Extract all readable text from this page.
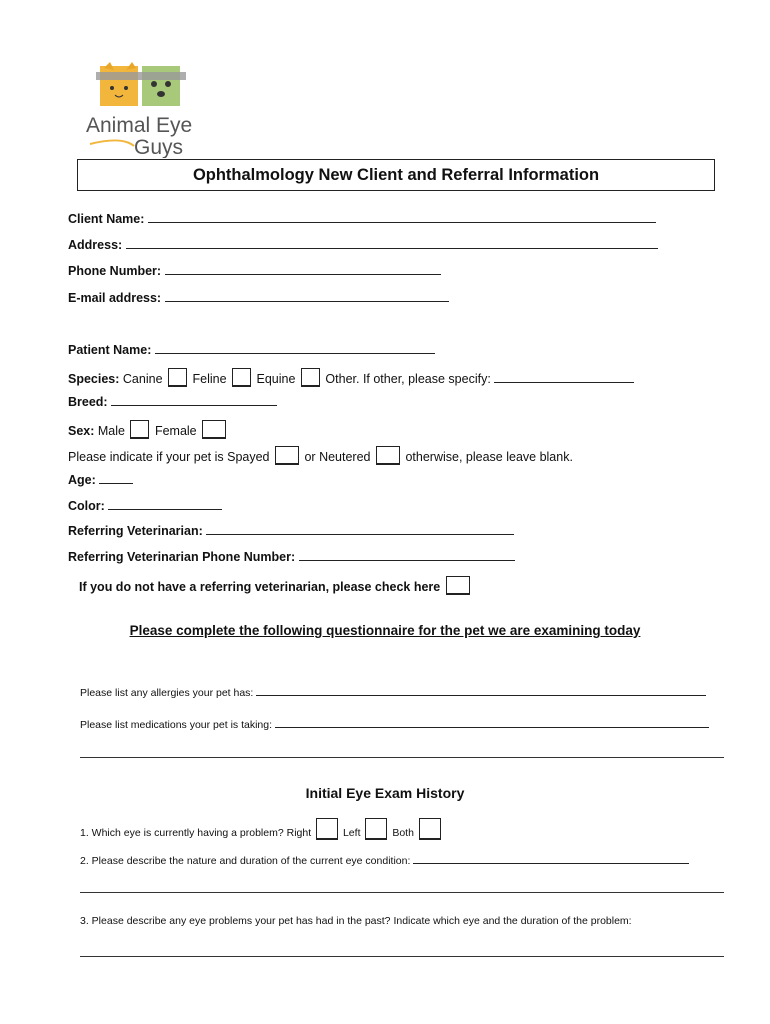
Animal Eye
Guys
Ophthalmology New Client and Referral Information
Client Name:
Address:
Phone Number:
E-mail address:
Patient Name:
Species: Canine Feline Equine Other. If other, please specify:
Breed:
Sex: Male Female
Please indicate if your pet is Spayed	or Neutered	otherwise, please leave blank.
Age:
Color:
Referring Veterinarian:
Referring Veterinarian Phone Number:
If you do not have a referring veterinarian, please check here
Please complete the following questionnaire for the pet we are examining today
Please list any allergies your pet has:
Please list medications your pet is taking:
Initial Eye Exam History
1. Which eye is currently having a problem? Right	Left	Both
2. Please describe the nature and duration of the current eye condition:
3. Please describe any eye problems your pet has had in the past? Indicate which eye and the duration of the problem:
